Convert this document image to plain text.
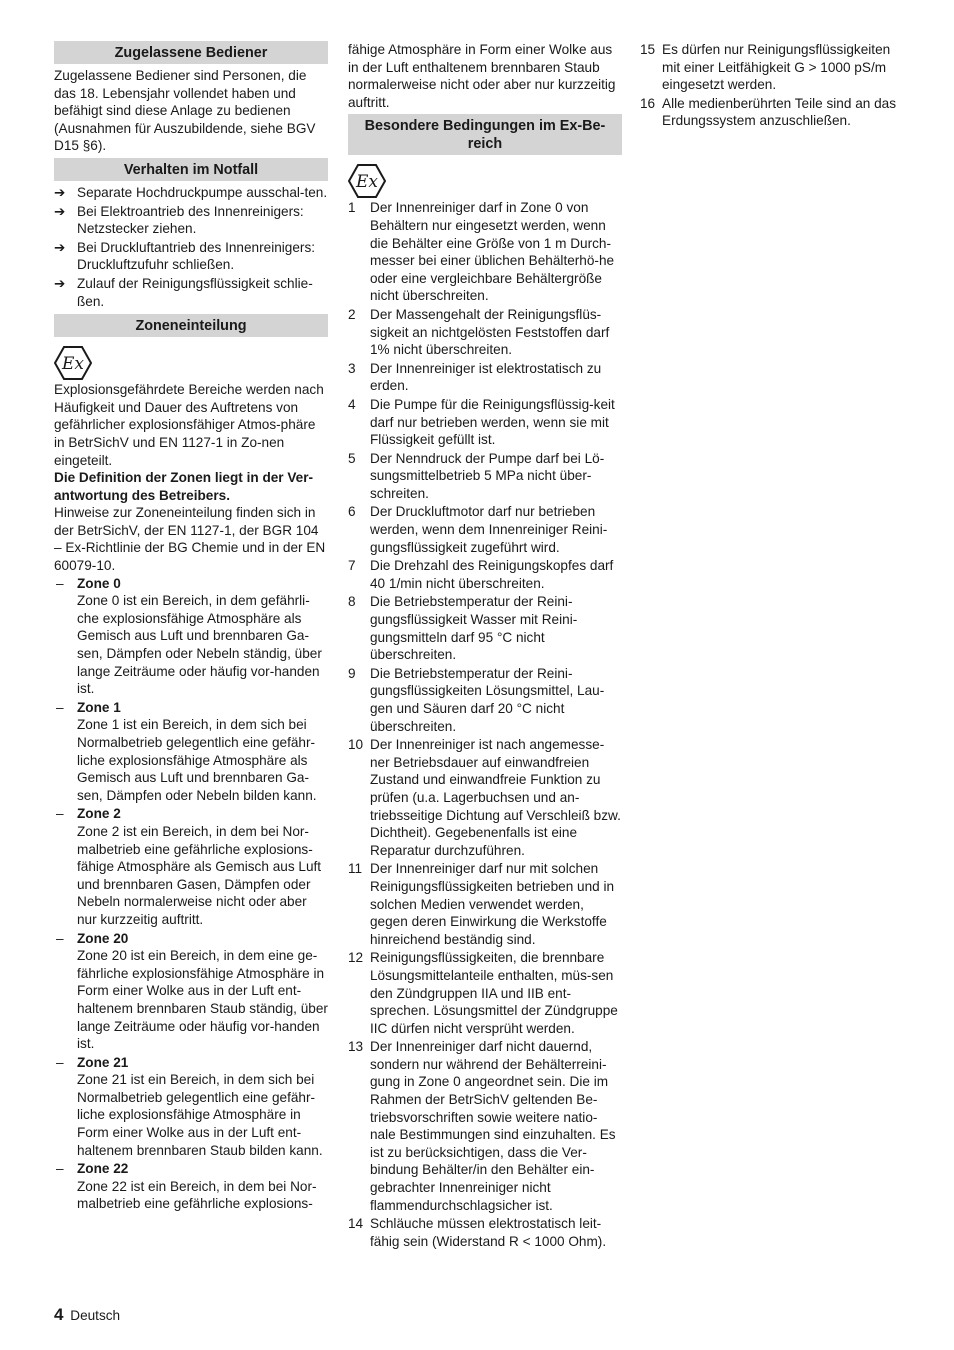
Zugelassene Bediener

Zugelassene Bediener sind Personen, die das 18. Lebensjahr vollendet haben und befähigt sind diese Anlage zu bedienen (Ausnahmen für Auszubildende, siehe BGV D15 §6).

Verhalten im Notfall
➔ Separate Hochdruckpumpe ausschal-ten.
➔ Bei Elektroantrieb des Innenreinigers: Netzstecker ziehen.
➔ Bei Druckluftantrieb des Innenreinigers: Druckluftzufuhr schließen.
➔ Zulauf der Reinigungsflüssigkeit schlie-ßen.
Zoneneinteilung
Ex

Explosionsgefährdete Bereiche werden nach Häufigkeit und Dauer des Auftretens von gefährlicher explosionsfähiger Atmos-phäre in BetrSichV und EN 1127-1 in Zo-nen eingeteilt.

Die Definition der Zonen liegt in der Ver-antwortung des Betreibers.

Hinweise zur Zoneneinteilung finden sich in der BetrSichV, der EN 1127-1, der BGR 104 – Ex-Richtlinie der BG Chemie und in der EN 60079-10.

– Zone 0
Zone 0 ist ein Bereich, in dem gefährli-che explosionsfähige Atmosphäre als Gemisch aus Luft und brennbaren Ga-sen, Dämpfen oder Nebeln ständig, über lange Zeiträume oder häufig vor-handen ist.
– Zone 1
Zone 1 ist ein Bereich, in dem sich bei Normalbetrieb gelegentlich eine gefähr-liche explosionsfähige Atmosphäre als Gemisch aus Luft und brennbaren Ga-sen, Dämpfen oder Nebeln bilden kann.
– Zone 2
Zone 2 ist ein Bereich, in dem bei Nor-malbetrieb eine gefährliche explosions-fähige Atmosphäre als Gemisch aus Luft und brennbaren Gasen, Dämpfen oder Nebeln normalerweise nicht oder aber nur kurzzeitig auftritt.
– Zone 20
Zone 20 ist ein Bereich, in dem eine ge-fährliche explosionsfähige Atmosphäre in Form einer Wolke aus in der Luft ent-haltenem brennbaren Staub ständig, über lange Zeiträume oder häufig vor-handen ist.
– Zone 21
Zone 21 ist ein Bereich, in dem sich bei Normalbetrieb gelegentlich eine gefähr-liche explosionsfähige Atmosphäre in Form einer Wolke aus in der Luft ent-haltenem brennbaren Staub bilden kann.
– Zone 22
Zone 22 ist ein Bereich, in dem bei Nor-malbetrieb eine gefährliche explosions-

fähige Atmosphäre in Form einer Wolke aus in der Luft enthaltenem brennbaren Staub normalerweise nicht oder aber nur kurzzeitig auftritt.

Besondere Bedingungen im Ex-Be-reich
Ex
1 Der Innenreiniger darf in Zone 0 von Behältern nur eingesetzt werden, wenn die Behälter eine Größe von 1 m Durch-messer bei einer üblichen Behälterhö-he oder eine vergleichbare Behältergröße nicht überschreiten.
2 Der Massengehalt der Reinigungsflüs-sigkeit an nichtgelösten Feststoffen darf 1% nicht überschreiten.
3 Der Innenreiniger ist elektrostatisch zu erden.
4 Die Pumpe für die Reinigungsflüssig-keit darf nur betrieben werden, wenn sie mit Flüssigkeit gefüllt ist.
5 Der Nenndruck der Pumpe darf bei Lö-sungsmittelbetrieb 5 MPa nicht über-schreiten.
6 Der Druckluftmotor darf nur betrieben werden, wenn dem Innenreiniger Reini-gungsflüssigkeit zugeführt wird.
7 Die Drehzahl des Reinigungskopfes darf 40 1/min nicht überschreiten.
8 Die Betriebstemperatur der Reini-gungsflüssigkeit Wasser mit Reini-gungsmitteln darf 95 °C nicht überschreiten.
9 Die Betriebstemperatur der Reini-gungsflüssigkeiten Lösungsmittel, Lau-gen und Säuren darf 20 °C nicht überschreiten.
10 Der Innenreiniger ist nach angemesse-ner Betriebsdauer auf einwandfreien Zustand und einwandfreie Funktion zu prüfen (u.a. Lagerbuchsen und an-triebsseitige Dichtung auf Verschleiß bzw. Dichtheit). Gegebenenfalls ist eine Reparatur durchzuführen.
11 Der Innenreiniger darf nur mit solchen Reinigungsflüssigkeiten betrieben und in solchen Medien verwendet werden, gegen deren Einwirkung die Werkstoffe hinreichend beständig sind.
12 Reinigungsflüssigkeiten, die brennbare Lösungsmittelanteile enthalten, müs-sen den Zündgruppen IIA und IIB ent-sprechen. Lösungsmittel der Zündgruppe IIC dürfen nicht versprüht werden.
13 Der Innenreiniger darf nicht dauernd, sondern nur während der Behälterreini-gung in Zone 0 angeordnet sein. Die im Rahmen der BetrSichV geltenden Be-triebsvorschriften sowie weitere natio-nale Bestimmungen sind einzuhalten. Es ist zu berücksichtigen, dass die Ver-bindung Behälter/in den Behälter ein-gebrachter Innenreiniger nicht flammendurchschlagsicher ist.
14 Schläuche müssen elektrostatisch leit-fähig sein (Widerstand R < 1000 Ohm).
15 Es dürfen nur Reinigungsflüssigkeiten mit einer Leitfähigkeit G > 1000 pS/m eingesetzt werden.
16 Alle medienberührten Teile sind an das Erdungssystem anzuschließen.
4 Deutsch
